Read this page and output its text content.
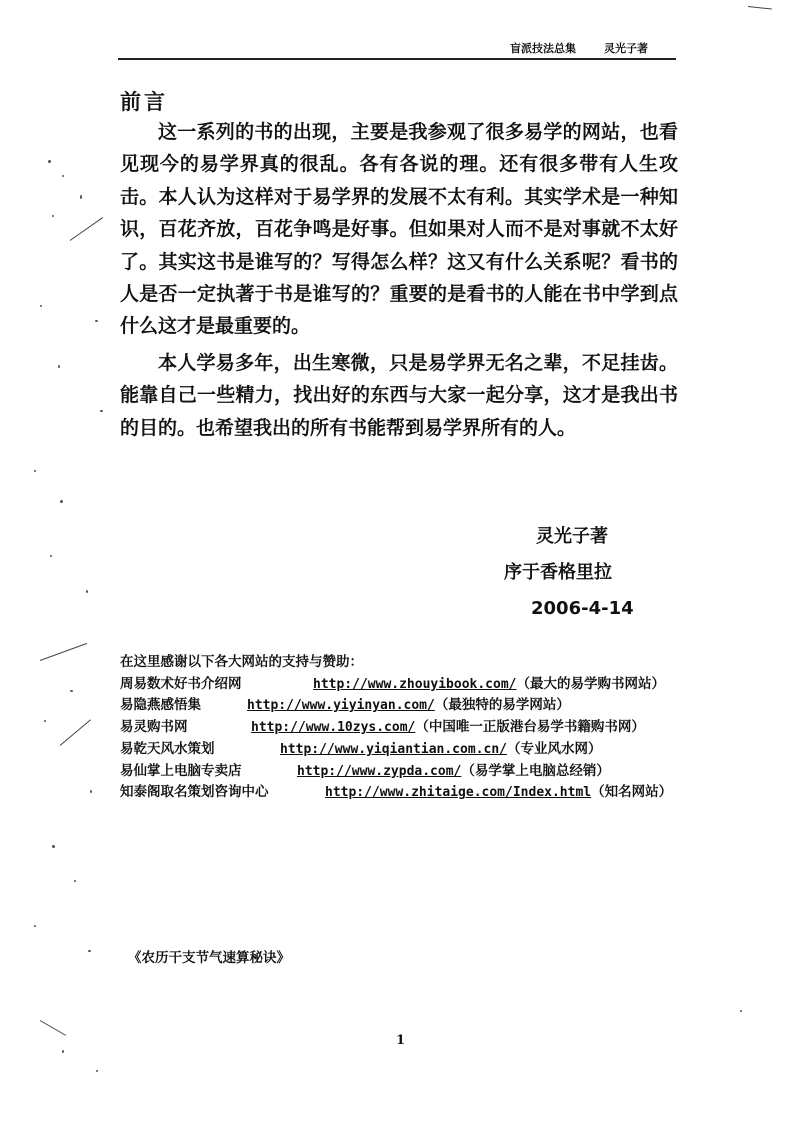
盲派技法总集	灵光子著
前言

这一系列的书的出现，主要是我参观了很多易学的网站，也看见现今的易学界真的很乱。各有各说的理。还有很多带有人生攻击。本人认为这样对于易学界的发展不太有利。其实学术是一种知识，百花齐放，百花争鸣是好事。但如果对人而不是对事就不太好了。其实这书是谁写的？写得怎么样？这又有什么关系呢？看书的人是否一定执著于书是谁写的？重要的是看书的人能在书中学到点什么这才是最重要的。

本人学易多年，出生寒微，只是易学界无名之辈，不足挂齿。能靠自己一些精力，找出好的东西与大家一起分享，这才是我出书的目的。也希望我出的所有书能帮到易学界所有的人。

灵光子著
序于香格里拉
2006-4-14

在这里感谢以下各大网站的支持与赞助：

周易数术好书介绍网	http://www.zhouyibook.com/（最大的易学购书网站）

易隐燕感悟集	http://www.yiyinyan.com/（最独特的易学网站）

易灵购书网	http://www.10zys.com/（中国唯一正版港台易学书籍购书网）

易乾天风水策划	http://www.yiqiantian.com.cn/（专业风水网）

易仙掌上电脑专卖店	http://www.zypda.com/（易学掌上电脑总经销）

知泰阁取名策划咨询中心	http://www.zhitaige.com/Index.html（知名网站）

《农历干支节气速算秘诀》
1
